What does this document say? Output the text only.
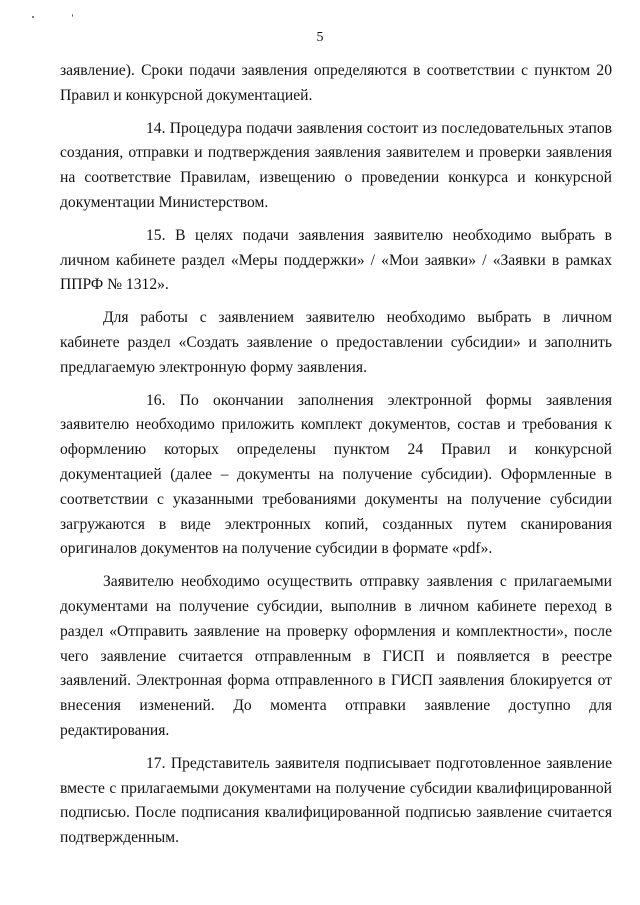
5

заявление). Сроки подачи заявления определяются в соответствии с пунктом 20 Правил и конкурсной документацией.

14. Процедура подачи заявления состоит из последовательных этапов создания, отправки и подтверждения заявления заявителем и проверки заявления на соответствие Правилам, извещению о проведении конкурса и конкурсной документации Министерством.

15. В целях подачи заявления заявителю необходимо выбрать в личном кабинете раздел «Меры поддержки» / «Мои заявки» / «Заявки в рамках ППРФ № 1312».

Для работы с заявлением заявителю необходимо выбрать в личном кабинете раздел «Создать заявление о предоставлении субсидии» и заполнить предлагаемую электронную форму заявления.

16. По окончании заполнения электронной формы заявления заявителю необходимо приложить комплект документов, состав и требования к оформлению которых определены пунктом 24 Правил и конкурсной документацией (далее – документы на получение субсидии). Оформленные в соответствии с указанными требованиями документы на получение субсидии загружаются в виде электронных копий, созданных путем сканирования оригиналов документов на получение субсидии в формате «pdf».

Заявителю необходимо осуществить отправку заявления с прилагаемыми документами на получение субсидии, выполнив в личном кабинете переход в раздел «Отправить заявление на проверку оформления и комплектности», после чего заявление считается отправленным в ГИСП и появляется в реестре заявлений. Электронная форма отправленного в ГИСП заявления блокируется от внесения изменений. До момента отправки заявление доступно для редактирования.

17. Представитель заявителя подписывает подготовленное заявление вместе с прилагаемыми документами на получение субсидии квалифицированной подписью. После подписания квалифицированной подписью заявление считается подтвержденным.
